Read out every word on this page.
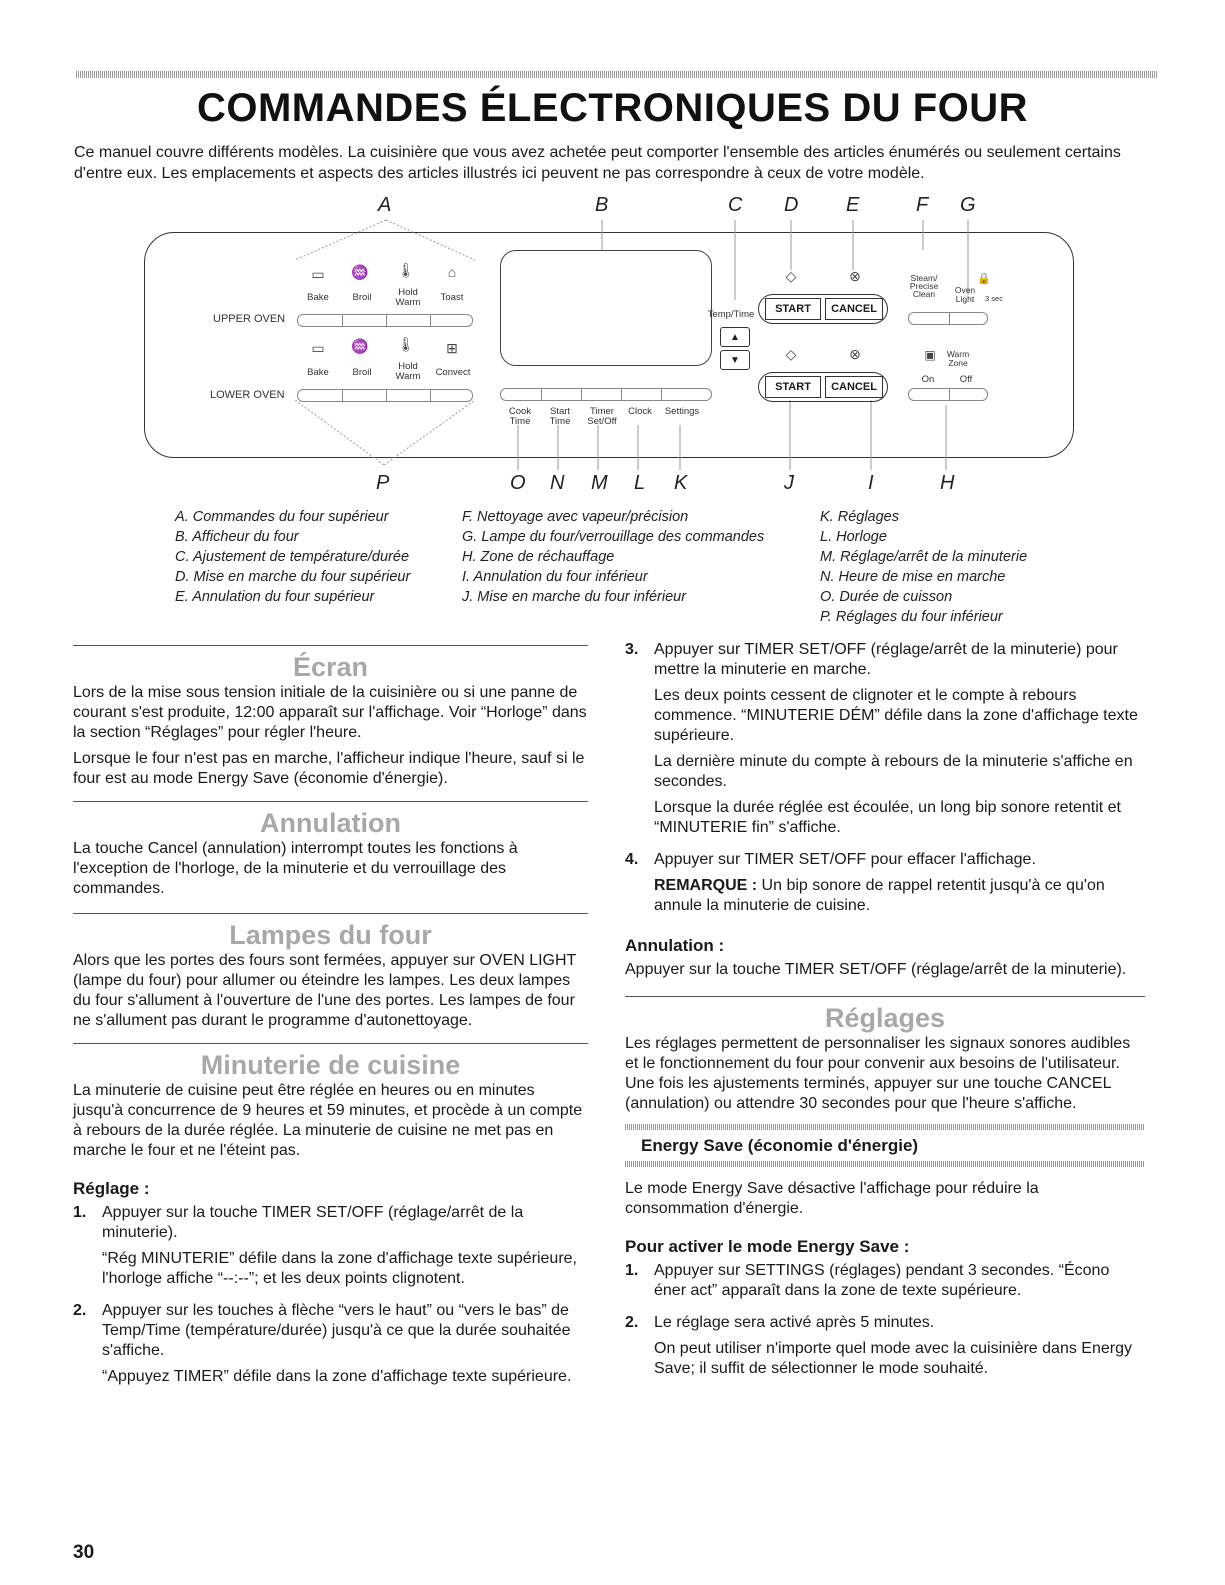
COMMANDES ÉLECTRONIQUES DU FOUR

Ce manuel couvre différents modèles. La cuisinière que vous avez achetée peut comporter l'ensemble des articles énumérés ou seulement certains d'entre eux. Les emplacements et aspects des articles illustrés ici peuvent ne pas correspondre à ceux de votre modèle.

A	B	C D E	F G
▭ ♒ 🌡	⌂
Bake	Broil	Hold Warm	Toast
UPPER OVEN
▭ ♒ 🌡 ⊞
Bake	Broil
Hold Warm	Convect
LOWER OVEN
Temp/Time
▲
▼
◇	⊗
START	CANCEL
◇	⊗
START	CANCEL
Steam/ Precise Clean
🔒
Oven Light	3 sec
▣	Warm Zone
On	Off
Cook Time
Start Time
Timer Set/Off
Clock	Settings
P	O N M L K	J	I	H
A. Commandes du four supérieur
B. Afficheur du four
C. Ajustement de température/durée
D. Mise en marche du four supérieur
E. Annulation du four supérieur
F. Nettoyage avec vapeur/précision
G. Lampe du four/verrouillage des commandes
H. Zone de réchauffage
I. Annulation du four inférieur
J. Mise en marche du four inférieur
K. Réglages
L. Horloge
M. Réglage/arrêt de la minuterie
N. Heure de mise en marche
O. Durée de cuisson
P. Réglages du four inférieur
Écran

Lors de la mise sous tension initiale de la cuisinière ou si une panne de courant s'est produite, 12:00 apparaît sur l'affichage. Voir “Horloge” dans la section “Réglages” pour régler l'heure.

Lorsque le four n'est pas en marche, l'afficheur indique l'heure, sauf si le four est au mode Energy Save (économie d'énergie).

Annulation

La touche Cancel (annulation) interrompt toutes les fonctions à l'exception de l'horloge, de la minuterie et du verrouillage des commandes.

Lampes du four

Alors que les portes des fours sont fermées, appuyer sur OVEN LIGHT (lampe du four) pour allumer ou éteindre les lampes. Les deux lampes du four s'allument à l'ouverture de l'une des portes. Les lampes de four ne s'allument pas durant le programme d'autonettoyage.

Minuterie de cuisine

La minuterie de cuisine peut être réglée en heures ou en minutes jusqu'à concurrence de 9 heures et 59 minutes, et procède à un compte à rebours de la durée réglée. La minuterie de cuisine ne met pas en marche le four et ne l'éteint pas.

Réglage :
1. Appuyer sur la touche TIMER SET/OFF (réglage/arrêt de la minuterie).

“Rég MINUTERIE” défile dans la zone d'affichage texte supérieure, l'horloge affiche “--:--”; et les deux points clignotent.

2. Appuyer sur les touches à flèche “vers le haut” ou “vers le bas” de Temp/Time (température/durée) jusqu'à ce que la durée souhaitée s'affiche.

“Appuyez TIMER” défile dans la zone d'affichage texte supérieure.

3. Appuyer sur TIMER SET/OFF (réglage/arrêt de la minuterie) pour mettre la minuterie en marche.

Les deux points cessent de clignoter et le compte à rebours commence. “MINUTERIE DÉM” défile dans la zone d'affichage texte supérieure.

La dernière minute du compte à rebours de la minuterie s'affiche en secondes.

Lorsque la durée réglée est écoulée, un long bip sonore retentit et “MINUTERIE fin” s'affiche.

4. Appuyer sur TIMER SET/OFF pour effacer l'affichage.

REMARQUE : Un bip sonore de rappel retentit jusqu'à ce qu'on annule la minuterie de cuisine.

Annulation :

Appuyer sur la touche TIMER SET/OFF (réglage/arrêt de la minuterie).

Réglages

Les réglages permettent de personnaliser les signaux sonores audibles et le fonctionnement du four pour convenir aux besoins de l'utilisateur. Une fois les ajustements terminés, appuyer sur une touche CANCEL (annulation) ou attendre 30 secondes pour que l'heure s'affiche.

Energy Save (économie d'énergie)

Le mode Energy Save désactive l'affichage pour réduire la consommation d'énergie.

Pour activer le mode Energy Save :
1. Appuyer sur SETTINGS (réglages) pendant 3 secondes. “Écono éner act” apparaît dans la zone de texte supérieure.

2. Le réglage sera activé après 5 minutes.

On peut utiliser n'importe quel mode avec la cuisinière dans Energy Save; il suffit de sélectionner le mode souhaité.

30
